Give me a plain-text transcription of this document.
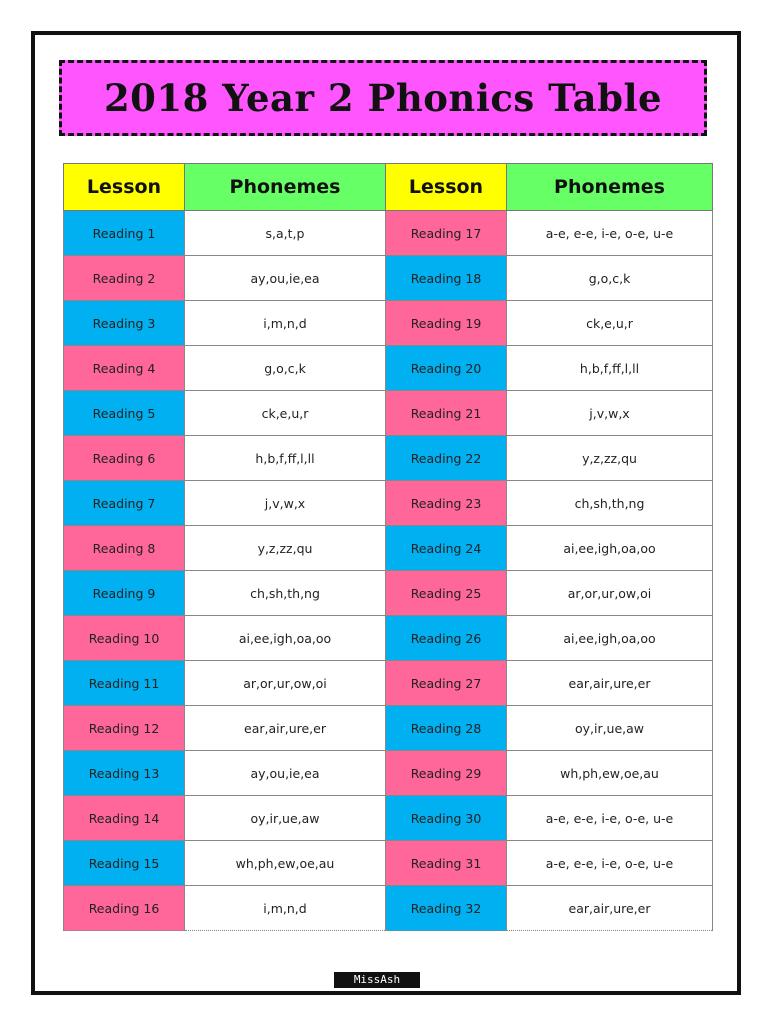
2018 Year 2 Phonics Table
Lesson	Phonemes	Lesson	Phonemes
Reading 1	s,a,t,p	Reading 17	a-e, e-e, i-e, o-e, u-e
Reading 2	ay,ou,ie,ea	Reading 18	g,o,c,k
Reading 3	i,m,n,d	Reading 19	ck,e,u,r
Reading 4	g,o,c,k	Reading 20	h,b,f,ff,l,ll
Reading 5	ck,e,u,r	Reading 21	j,v,w,x
Reading 6	h,b,f,ff,l,ll	Reading 22	y,z,zz,qu
Reading 7	j,v,w,x	Reading 23	ch,sh,th,ng
Reading 8	y,z,zz,qu	Reading 24	ai,ee,igh,oa,oo
Reading 9	ch,sh,th,ng	Reading 25	ar,or,ur,ow,oi
Reading 10	ai,ee,igh,oa,oo	Reading 26	ai,ee,igh,oa,oo
Reading 11	ar,or,ur,ow,oi	Reading 27	ear,air,ure,er
Reading 12	ear,air,ure,er	Reading 28	oy,ir,ue,aw
Reading 13	ay,ou,ie,ea	Reading 29	wh,ph,ew,oe,au
Reading 14	oy,ir,ue,aw	Reading 30	a-e, e-e, i-e, o-e, u-e
Reading 15	wh,ph,ew,oe,au	Reading 31	a-e, e-e, i-e, o-e, u-e
Reading 16	i,m,n,d	Reading 32	ear,air,ure,er
MissAsh
